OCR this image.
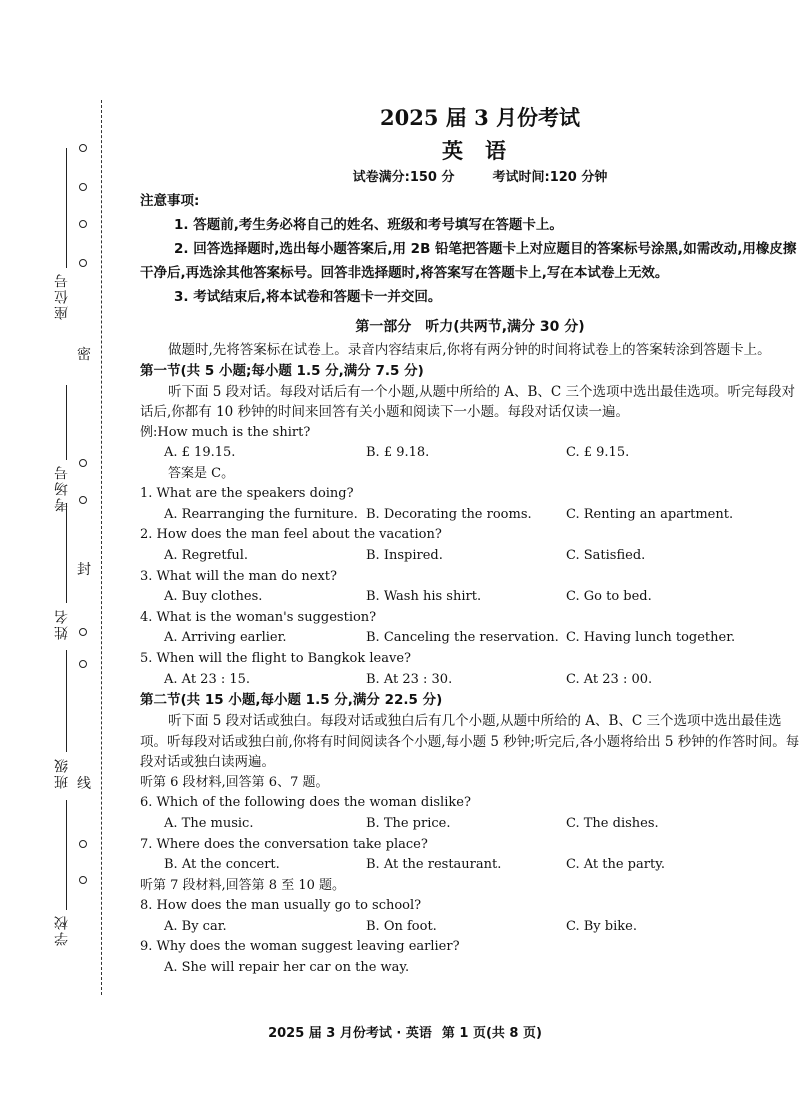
密
封
线
座位号
考场号
姓名
班级
学校
2025 届 3 月份考试
英语
试卷满分:150 分	考试时间:120 分钟
注意事项:

1. 答题前,考生务必将自己的姓名、班级和考号填写在答题卡上。

2. 回答选择题时,选出每小题答案后,用 2B 铅笔把答题卡上对应题目的答案标号涂黑,如需改动,用橡皮擦干净后,再选涂其他答案标号。回答非选择题时,将答案写在答题卡上,写在本试卷上无效。

3. 考试结束后,将本试卷和答题卡一并交回。

第一部分　听力(共两节,满分 30 分)

做题时,先将答案标在试卷上。录音内容结束后,你将有两分钟的时间将试卷上的答案转涂到答题卡上。

第一节(共 5 小题;每小题 1.5 分,满分 7.5 分)

听下面 5 段对话。每段对话后有一个小题,从题中所给的 A、B、C 三个选项中选出最佳选项。听完每段对话后,你都有 10 秒钟的时间来回答有关小题和阅读下一小题。每段对话仅读一遍。

例:How much is the shirt?

A. £ 19.15.	B. £ 9.18.	C. £ 9.15.

答案是 C。

1. What are the speakers doing?

A. Rearranging the furniture. B. Decorating the rooms.	C. Renting an apartment.

2. How does the man feel about the vacation?

A. Regretful.	B. Inspired.	C. Satisfied.

3. What will the man do next?

A. Buy clothes.	B. Wash his shirt.	C. Go to bed.

4. What is the woman's suggestion?

A. Arriving earlier.	B. Canceling the reservation. C. Having lunch together.

5. When will the flight to Bangkok leave?

A. At 23 : 15.	B. At 23 : 30.	C. At 23 : 00.

第二节(共 15 小题,每小题 1.5 分,满分 22.5 分)

听下面 5 段对话或独白。每段对话或独白后有几个小题,从题中所给的 A、B、C 三个选项中选出最佳选项。听每段对话或独白前,你将有时间阅读各个小题,每小题 5 秒钟;听完后,各小题将给出 5 秒钟的作答时间。每段对话或独白读两遍。

听第 6 段材料,回答第 6、7 题。

6. Which of the following does the woman dislike?

A. The music.	B. The price.	C. The dishes.

7. Where does the conversation take place?

B. At the concert.	B. At the restaurant.	C. At the party.

听第 7 段材料,回答第 8 至 10 题。

8. How does the man usually go to school?

A. By car.	B. On foot.	C. By bike.

9. Why does the woman suggest leaving earlier?

A. She will repair her car on the way.
2025 届 3 月份考试 · 英语 第 1 页(共 8 页)
